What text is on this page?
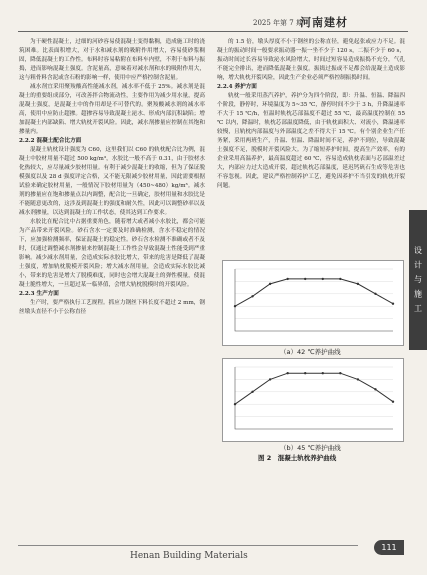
2025 年第 7 期
河南建材

为干硬性混凝土，过细的河砂容易使混凝土变得黏稠，造成施工时的浇筑困难。比表面积增大，对于水和减水剂的吸附作用增大，容易使砂浆稠固，降低混凝土的工作性。布料时容易粘附在布料车内壁，不利于布料与振捣，进而影响混凝土强度。含泥量高，意味着对减水剂和水的吸附作用大，这与粗骨料含泥或含石粉的影响一样，使用中应严格控制含泥量。

减水剂宜采用聚羧酸高性能减水剂，减水率不低于 25%。减水剂是混凝土的重要组成部分，可改善拌合物流动性，主要作用为减少用水量，提高混凝土强度，是混凝土中的作用却是不可替代的。聚羧酸减水剂的减水率高，使用中应防止超掺。超掺容易导致混凝土泌水、形成内部沉积缺陷；增加混凝土内部缺陷、增大轨枕开裂风险。因此，减水剂掺量应控制在其饱和掺量内。

2.2.2 混凝土配合比方面

混凝土轨枕设计强度为 C60，这里我们以 C60 的轨枕配合比为例，混凝土中胶材用量不超过 500 kg/m³，水胶比一般不高于 0.31，由于胶材水化热较大，应尽量减少胶材用量。有利于减少混凝土的收缩，但为了保证脱模强度以及 28 d 强度评定合格，又不能无限减少胶材用量，因此需要根据试验来确定胶材用量，一般情况下胶材用量为（450~480）kg/m³。减水剂的掺量应在饱和掺量点以内调整，配合比一旦确定，胶材用量和水胶比是不能随意更改的，这涉及到混凝土的强度和耐久性，因此可以调整砂率以及减水剂掺量，以达到混凝土的工作状态，使其达到工作要求。

水胶比在配合比中占据重要角色，随着增大或者减小水胶比，都会可能为产品带来开裂风险。砂石含水一定要及时准确检测，含水不稳定的情况下，应加强检测频率，保证混凝土的稳定性。砂石含水检测不准确或者不及时，仅通过调整减水剂掺量来控制混凝土工作性会导致混凝土性能受到严重影响。减少减水剂用量，会造成实际水胶比增大，带来的危害是降低了混凝土强度，增加轨枕脱模开裂风险；增大减水剂用量，会造成实际水胶比减小，带来的危害是增大了脱模难度，同时也会增大混凝土的弹性模量，使混凝土脆性增大，一旦超过某一临界值，会增大轨枕脱模时的开裂风险。

2.2.3 生产方面

生产时，要严格执行工艺规程。抓应力钢丝下料长度不超过 2 mm，钢丝墩头直径不小于公称直径

的 1.5 倍，墩头厚度不小于钢丝的公称直径，避免起张或应力不足。混凝土的振动时间一般要求振动器一振一坐不少于 120 s，二振不少于 60 s，振动时间过长容易导致泌水风险增大，时间过短容易造成振捣不充分，气孔不能完全排出，进而降低混凝土强度。振捣过振或不足都会给混凝土造成影响，增大轨枕开裂风险，因此生产企业必须严格控制振捣时间。

2.2.4 养护方面

轨枕一般采用蒸汽养护，养护分为四个阶段，即：升温、恒温、降温四个阶段，静停时，环境温度为 5~35 ℃，静停时间不少于 3 h，升降温速率不大于 15 ℃/h，恒温时轨枕芯部温度不超过 55 ℃，最高温度控制在 55 ℃ 以内，降温时，轨枕芯部温度降低，由于轨枕面积大、对流小，降温速率较慢，且轨枕内部温度与外部温度之差不得大于 15 ℃。有个别企业生产任务紧，采用两班生产，升温、恒温、降温时间不足，养护不到位，导致混凝土强度不足，脱模时开裂风险大。为了缩短养护时间，提高生产效率，有的企业采用高温养护，最高温度超过 60 ℃，容易造成轨枕表面与芯部温差过大，内部应力过大造成开裂，超过轨枕芯部温度，延迟钙矾石生成等危害也不容忽视。因此，建议严格控制养护工艺，避免因养护不当引发的轨枕开裂问题。

（a）42 ℃养护曲线
（b）45 ℃养护曲线
图 2　混凝土轨枕养护曲线
设 计 与 施 工
Henan Building Materials
111
